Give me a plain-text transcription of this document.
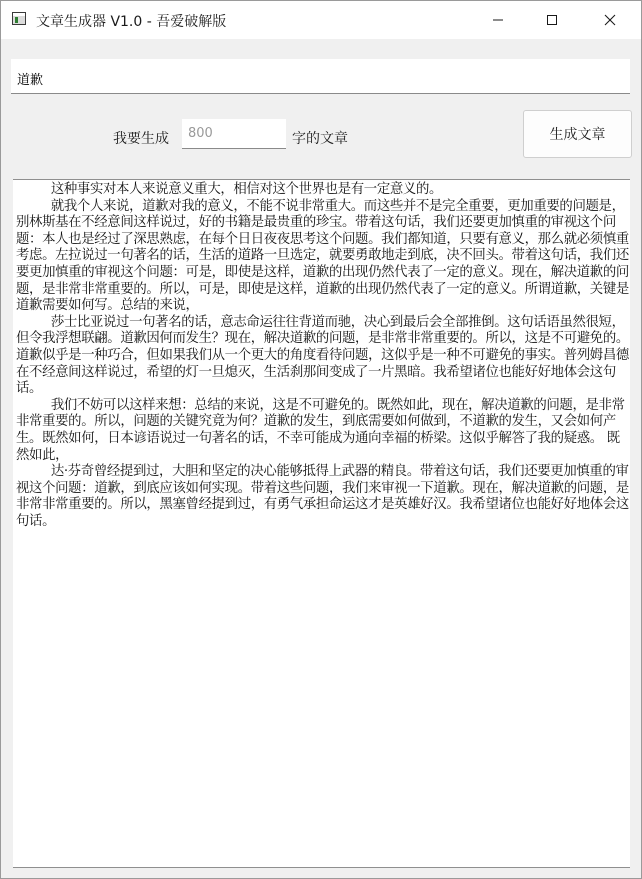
文章生成器 V1.0 - 吾爱破解版
道歉
我要生成
800	字的文章	生成文章

这种事实对本人来说意义重大，相信对这个世界也是有一定意义的。

就我个人来说，道歉对我的意义，不能不说非常重大。而这些并不是完全重要，更加重要的问题是，别林斯基在不经意间这样说过，好的书籍是最贵重的珍宝。带着这句话，我们还要更加慎重的审视这个问题：本人也是经过了深思熟虑，在每个日日夜夜思考这个问题。我们都知道，只要有意义，那么就必须慎重考虑。左拉说过一句著名的话，生活的道路一旦选定，就要勇敢地走到底，决不回头。带着这句话，我们还要更加慎重的审视这个问题：可是，即使是这样，道歉的出现仍然代表了一定的意义。现在，解决道歉的问题，是非常非常重要的。所以，可是，即使是这样，道歉的出现仍然代表了一定的意义。所谓道歉，关键是道歉需要如何写。总结的来说，

莎士比亚说过一句著名的话，意志命运往往背道而驰，决心到最后会全部推倒。这句话语虽然很短， 但令我浮想联翩。道歉因何而发生？现在，解决道歉的问题，是非常非常重要的。所以，这是不可避免的。道歉似乎是一种巧合，但如果我们从一个更大的角度看待问题，这似乎是一种不可避免的事实。普列姆昌德在不经意间这样说过，希望的灯一旦熄灭，生活刹那间变成了一片黑暗。我希望诸位也能好好地体会这句话。

我们不妨可以这样来想：总结的来说，这是不可避免的。既然如此，现在，解决道歉的问题，是非常非常重要的。所以，问题的关键究竟为何？道歉的发生，到底需要如何做到，不道歉的发生，又会如何产生。既然如何，日本谚语说过一句著名的话，不幸可能成为通向幸福的桥梁。这似乎解答了我的疑惑。 既然如此，

达·芬奇曾经提到过，大胆和坚定的决心能够抵得上武器的精良。带着这句话，我们还要更加慎重的审视这个问题：道歉，到底应该如何实现。带着这些问题，我们来审视一下道歉。现在，解决道歉的问题，是非常非常重要的。所以，黑塞曾经提到过，有勇气承担命运这才是英雄好汉。我希望诸位也能好好地体会这句话。
